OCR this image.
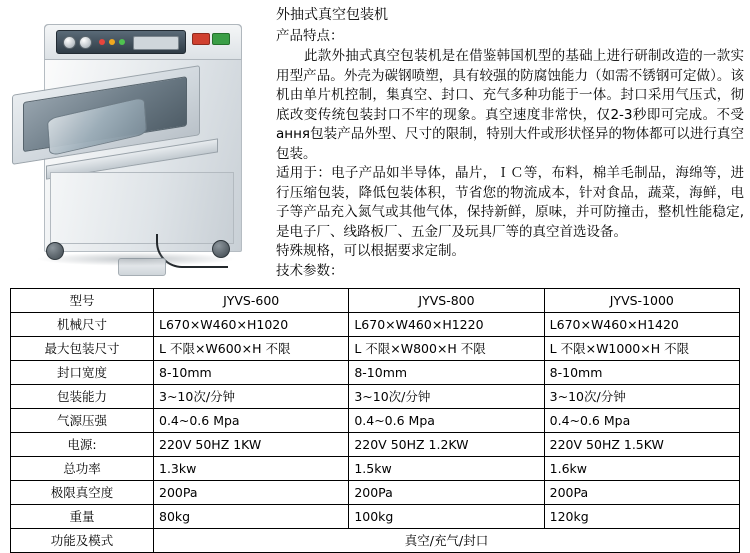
外抽式真空包装机
产品特点：

此款外抽式真空包装机是在借鉴韩国机型的基础上进行研制改造的一款实用型产品。外壳为碳钢喷塑，具有较强的防腐蚀能力（如需不锈钢可定做）。该机由单片机控制，集真空、封口、充气多种功能于一体。封口采用气压式，彻底改变传统包装封口不牢的现象。真空速度非常快，仅2-3秒即可完成。不受ання包装产品外型、尺寸的限制，特别大件或形状怪异的物体都可以进行真空包装。

适用于：电子产品如半导体，晶片，ＩＣ等，布料，棉羊毛制品，海绵等，进行压缩包装，降低包装体积，节省您的物流成本，针对食品，蔬菜，海鲜，电子等产品充入氮气或其他气体，保持新鲜，原味，并可防撞击，整机性能稳定,是电子厂、线路板厂、五金厂及玩具厂等的真空首选设备。

特殊规格，可以根据要求定制。

技术参数：
型号	JYVS-600	JYVS-800	JYVS-1000
机械尺寸	L670×W460×H1020	L670×W460×H1220	L670×W460×H1420
最大包装尺寸	L 不限×W600×H 不限	L 不限×W800×H 不限	L 不限×W1000×H 不限
封口宽度	8-10mm	8-10mm	8-10mm
包装能力	3~10次/分钟	3~10次/分钟	3~10次/分钟
气源压强	0.4~0.6 Mpa	0.4~0.6 Mpa	0.4~0.6 Mpa
电源:	220V 50HZ 1KW	220V 50HZ 1.2KW	220V 50HZ 1.5KW
总功率	1.3kw	1.5kw	1.6kw
极限真空度	200Pa	200Pa	200Pa
重量	80kg	100kg	120kg
功能及模式	真空/充气/封口		
